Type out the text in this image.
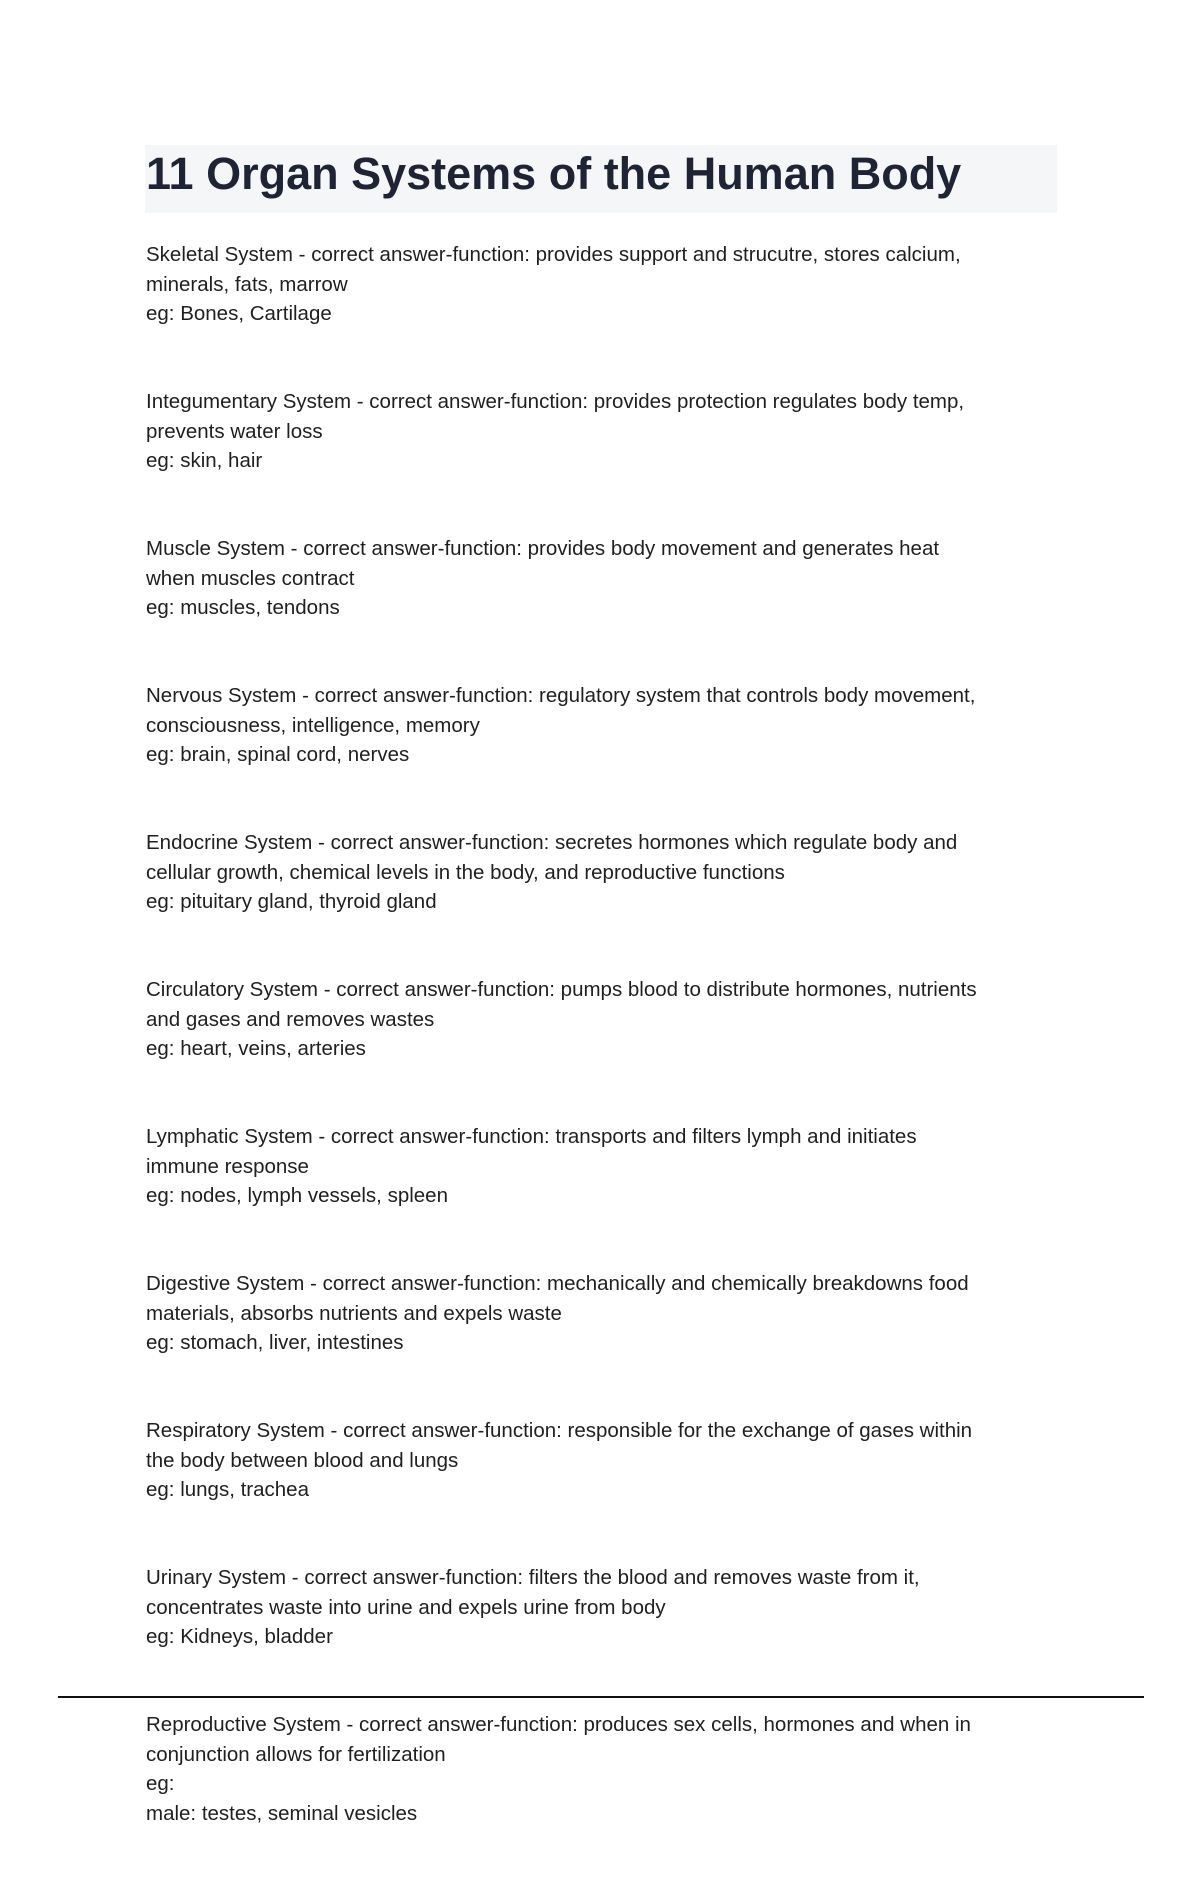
11 Organ Systems of the Human Body
Skeletal System - correct answer-function: provides support and strucutre, stores calcium,
minerals, fats, marrow
eg: Bones, Cartilage
Integumentary System - correct answer-function: provides protection regulates body temp,
prevents water loss
eg: skin, hair
Muscle System - correct answer-function: provides body movement and generates heat
when muscles contract
eg: muscles, tendons
Nervous System - correct answer-function: regulatory system that controls body movement,
consciousness, intelligence, memory
eg: brain, spinal cord, nerves
Endocrine System - correct answer-function: secretes hormones which regulate body and
cellular growth, chemical levels in the body, and reproductive functions
eg: pituitary gland, thyroid gland
Circulatory System - correct answer-function: pumps blood to distribute hormones, nutrients
and gases and removes wastes
eg: heart, veins, arteries
Lymphatic System - correct answer-function: transports and filters lymph and initiates
immune response
eg: nodes, lymph vessels, spleen
Digestive System - correct answer-function: mechanically and chemically breakdowns food
materials, absorbs nutrients and expels waste
eg: stomach, liver, intestines
Respiratory System - correct answer-function: responsible for the exchange of gases within
the body between blood and lungs
eg: lungs, trachea
Urinary System - correct answer-function: filters the blood and removes waste from it,
concentrates waste into urine and expels urine from body
eg: Kidneys, bladder
Reproductive System - correct answer-function: produces sex cells, hormones and when in
conjunction allows for fertilization
eg:
male: testes, seminal vesicles
